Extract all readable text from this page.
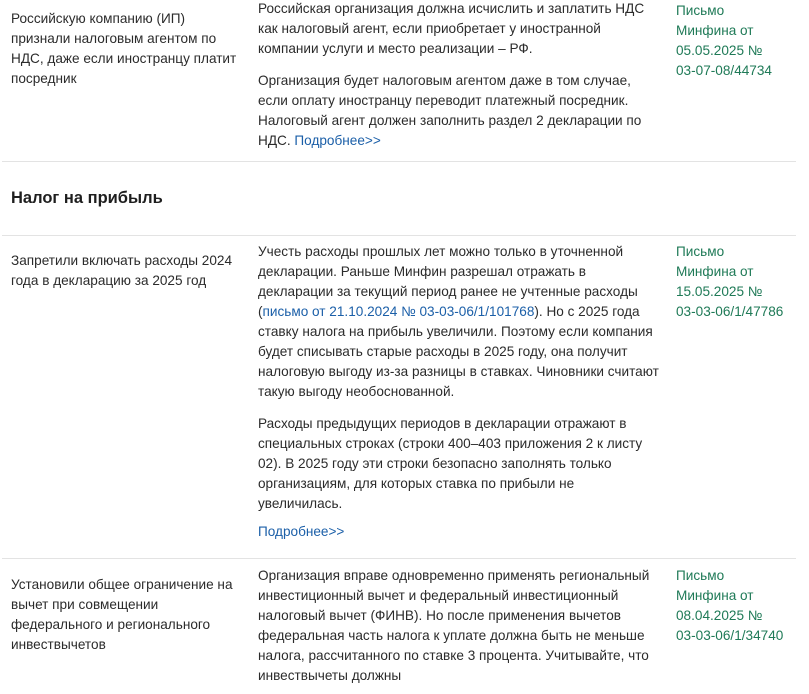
Российскую компанию (ИП) признали налоговым агентом по НДС, даже если иностранцу платит посредник

Российская организация должна исчислить и заплатить НДС как налоговый агент, если приобретает у иностранной компании услуги и место реализации – РФ.

Организация будет налоговым агентом даже в том случае, если оплату иностранцу переводит платежный посредник. Налоговый агент должен заполнить раздел 2 декларации по НДС. Подробнее>>

Письмо
Минфина от
05.05.2025 №
03-07-08/44734
Налог на прибыль
Запретили включать расходы 2024 года в декларацию за 2025 год

Учесть расходы прошлых лет можно только в уточненной декларации. Раньше Минфин разрешал отражать в декларации за текущий период ранее не учтенные расходы (письмо от 21.10.2024 № 03-03-06/1/101768). Но с 2025 года ставку налога на прибыль увеличили. Поэтому если компания будет списывать старые расходы в 2025 году, она получит налоговую выгоду из-за разницы в ставках. Чиновники считают такую выгоду необоснованной.

Расходы предыдущих периодов в декларации отражают в специальных строках (строки 400–403 приложения 2 к листу 02). В 2025 году эти строки безопасно заполнять только организациям, для которых ставка по прибыли не увеличилась.

Подробнее>>

Письмо
Минфина от
15.05.2025 №
03-03-06/1/47786
Установили общее ограничение на вычет при совмещении федерального и регионального инвествычетов

Организация вправе одновременно применять региональный инвестиционный вычет и федеральный инвестиционный налоговый вычет (ФИНВ). Но после применения вычетов федеральная часть налога к уплате должна быть не меньше налога, рассчитанного по ставке 3 процента. Учитывайте, что инвествычеты должны

Письмо
Минфина от
08.04.2025 №
03-03-06/1/34740
